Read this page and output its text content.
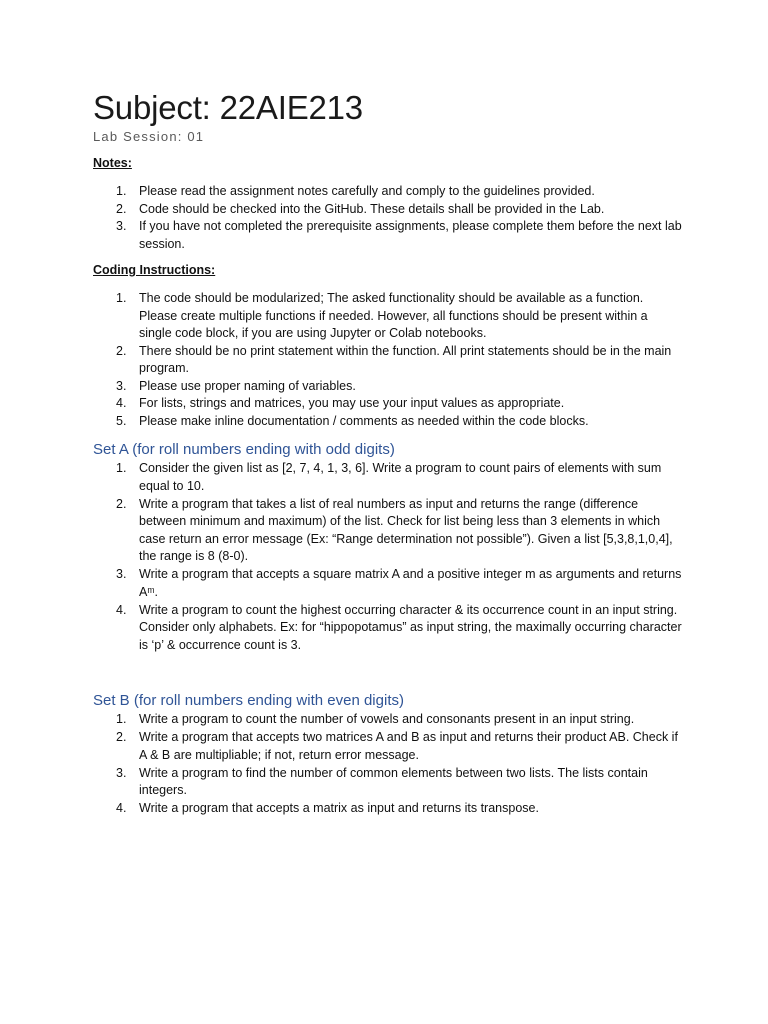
Subject: 22AIE213
Lab Session: 01
Notes:
1. Please read the assignment notes carefully and comply to the guidelines provided.
2. Code should be checked into the GitHub. These details shall be provided in the Lab.
3. If you have not completed the prerequisite assignments, please complete them before the next lab session.
Coding Instructions:
1. The code should be modularized; The asked functionality should be available as a function. Please create multiple functions if needed. However, all functions should be present within a single code block, if you are using Jupyter or Colab notebooks.
2. There should be no print statement within the function. All print statements should be in the main program.
3. Please use proper naming of variables.
4. For lists, strings and matrices, you may use your input values as appropriate.
5. Please make inline documentation / comments as needed within the code blocks.
Set A (for roll numbers ending with odd digits)
1. Consider the given list as [2, 7, 4, 1, 3, 6]. Write a program to count pairs of elements with sum equal to 10.
2. Write a program that takes a list of real numbers as input and returns the range (difference between minimum and maximum) of the list. Check for list being less than 3 elements in which case return an error message (Ex: “Range determination not possible”). Given a list [5,3,8,1,0,4], the range is 8 (8-0).
3. Write a program that accepts a square matrix A and a positive integer m as arguments and returns Aᵐ.
4. Write a program to count the highest occurring character & its occurrence count in an input string. Consider only alphabets. Ex: for “hippopotamus” as input string, the maximally occurring character is ‘p’ & occurrence count is 3.
Set B (for roll numbers ending with even digits)
1. Write a program to count the number of vowels and consonants present in an input string.
2. Write a program that accepts two matrices A and B as input and returns their product AB. Check if A & B are multipliable; if not, return error message.
3. Write a program to find the number of common elements between two lists. The lists contain integers.
4. Write a program that accepts a matrix as input and returns its transpose.
